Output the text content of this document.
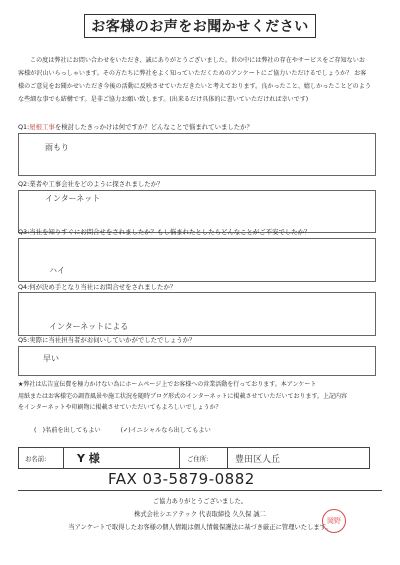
お客様のお声をお聞かせください
この度は弊社にお問い合わせをいただき、誠にありがとうございました。世の中には弊社の存在やサービスをご存知ないお
客様が沢山いらっしゃいます。その方たちに弊社をよく知っていただくためのアンケートにご協力いただけるでしょうか？ お客
様のご意見をお聞かせいただき今後の活動に反映させていただきたいと考えております。良かったこと、嬉しかったことどのよう
な些細な事でも結構です。是非ご協力お願い致します。(出来るだけ具体的に書いていただければ幸いです)
Q1:屋根工事を検討したきっかけは何ですか？どんなことで悩まれていましたか？
雨もり
Q2:業者や工事会社をどのように探されましたか？
インターネット
Q3:当社を知りすぐにお問合せをされましたか？もし悩まれたとしたらどんなことがご不安でしたか？
ハイ
Q4:何が決め手となり当社にお問合せをされましたか？
インターネットによる
Q5:実際に当社担当者がお伺いしていかがでしたでしょうか？
早い
★弊社は広告宣伝費を極力かけない為にホームページ上でお客様への営業活動を行っております。本アンケート
用紙またはお客様宅の調査風景や施工状況を随時ブログ形式のインターネットに掲載させていただいております。上記内容
をインターネットや印刷物に掲載させていただいてもよろしいでしょうか？
(　)名前を出してもよい	(✓)イニシャルなら出してもよい
お名前:	Y 様	ご住所:	豊田区人丘
FAX 03-5879-0882
ご協力ありがとうございました。
株式会社シエアテック 代表取締役 久久保 誠二
当アンケートで取得したお客様の個人情報は個人情報保護法に基づき厳正に管理いたします。
岡野
